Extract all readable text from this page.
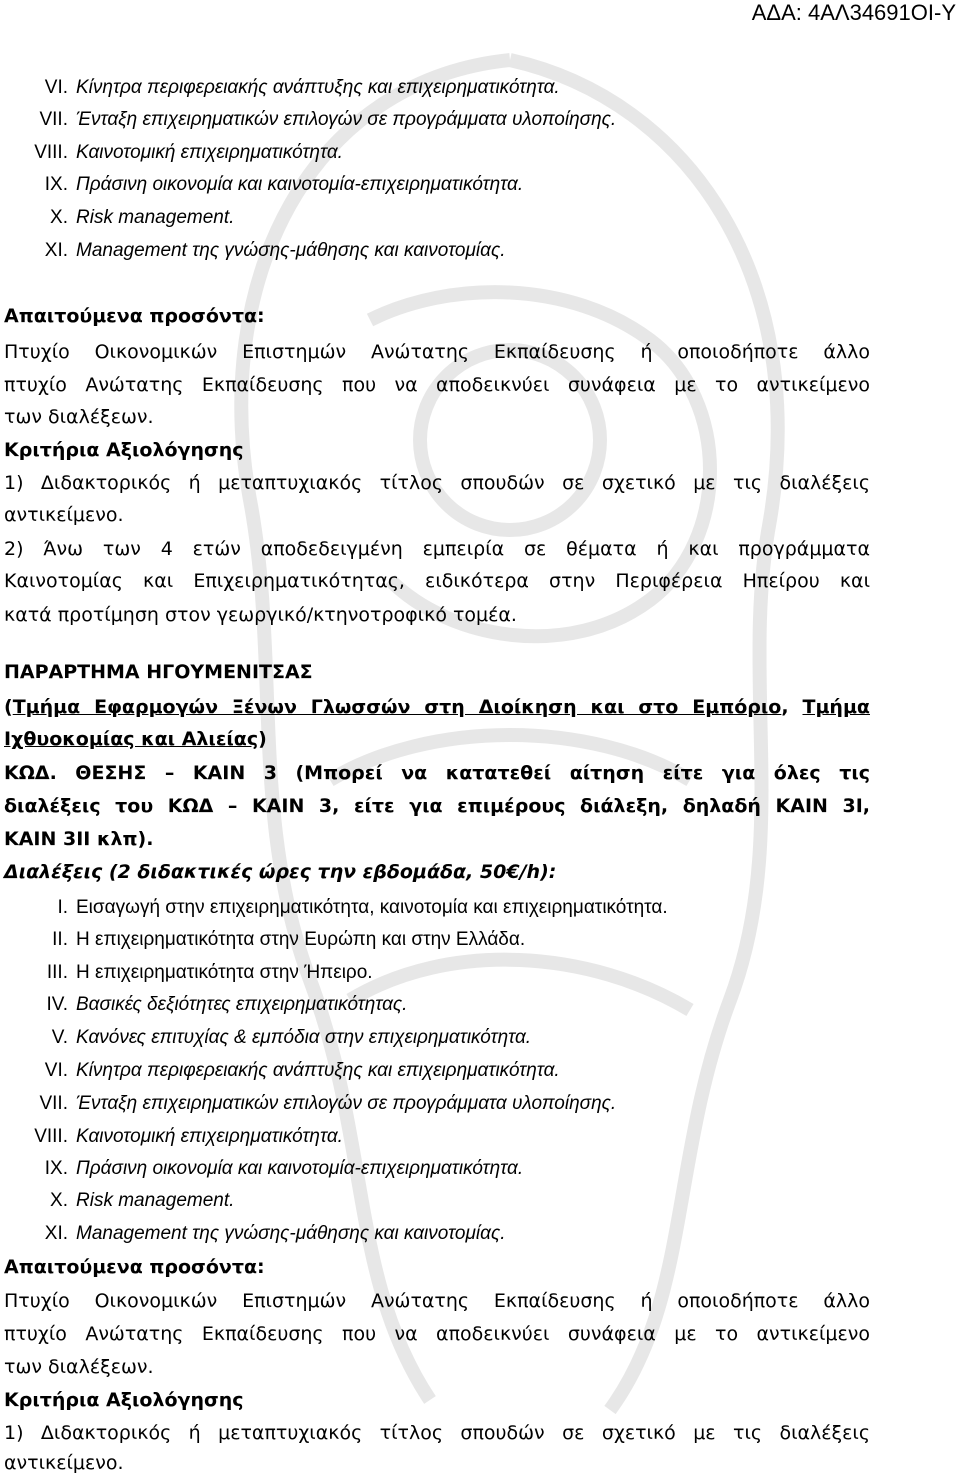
ΑΔΑ: 4ΑΛ34691ΟΙ-Υ
VI. Κίνητρα περιφερειακής ανάπτυξης και επιχειρηματικότητα.
VII. Ένταξη επιχειρηματικών επιλογών σε προγράμματα υλοποίησης.
VIII. Καινοτομική επιχειρηματικότητα.
IX. Πράσινη οικονομία και καινοτομία-επιχειρηματικότητα.
X. Risk management.
XI. Management της γνώσης-μάθησης και καινοτομίας.
Απαιτούμενα προσόντα:
Πτυχίο Οικονομικών Επιστημών Ανώτατης Εκπαίδευσης ή οποιοδήποτε άλλο
πτυχίο Ανώτατης Εκπαίδευσης που να αποδεικνύει συνάφεια με το αντικείμενο
των διαλέξεων.
Κριτήρια Αξιολόγησης
1) Διδακτορικός ή μεταπτυχιακός τίτλος σπουδών σε σχετικό με τις διαλέξεις
αντικείμενο.
2) Άνω των 4 ετών αποδεδειγμένη εμπειρία σε θέματα ή και προγράμματα
Καινοτομίας και Επιχειρηματικότητας, ειδικότερα στην Περιφέρεια Ηπείρου και
κατά προτίμηση στον γεωργικό/κτηνοτροφικό τομέα.
ΠΑΡΑΡΤΗΜΑ ΗΓΟΥΜΕΝΙΤΣΑΣ
(Τμήμα Εφαρμογών Ξένων Γλωσσών στη Διοίκηση και στο Εμπόριο, Τμήμα
Ιχθυοκομίας και Αλιείας)
ΚΩΔ. ΘΕΣΗΣ – ΚΑΙΝ 3 (Μπορεί να κατατεθεί αίτηση είτε για όλες τις
διαλέξεις του ΚΩΔ – ΚΑΙΝ 3, είτε για επιμέρους διάλεξη, δηλαδή ΚΑΙΝ 3Ι,
ΚΑΙΝ 3ΙΙ κλπ).
Διαλέξεις (2 διδακτικές ώρες την εβδομάδα, 50€/h):
I. Εισαγωγή στην επιχειρηματικότητα, καινοτομία και επιχειρηματικότητα.
II. Η επιχειρηματικότητα στην Ευρώπη και στην Ελλάδα.
III. Η επιχειρηματικότητα στην Ήπειρο.
IV. Βασικές δεξιότητες επιχειρηματικότητας.
V. Κανόνες επιτυχίας & εμπόδια στην επιχειρηματικότητα.
VI. Κίνητρα περιφερειακής ανάπτυξης και επιχειρηματικότητα.
VII. Ένταξη επιχειρηματικών επιλογών σε προγράμματα υλοποίησης.
VIII. Καινοτομική επιχειρηματικότητα.
IX. Πράσινη οικονομία και καινοτομία-επιχειρηματικότητα.
X. Risk management.
XI. Management της γνώσης-μάθησης και καινοτομίας.
Απαιτούμενα προσόντα:
Πτυχίο Οικονομικών Επιστημών Ανώτατης Εκπαίδευσης ή οποιοδήποτε άλλο
πτυχίο Ανώτατης Εκπαίδευσης που να αποδεικνύει συνάφεια με το αντικείμενο
των διαλέξεων.
Κριτήρια Αξιολόγησης
1) Διδακτορικός ή μεταπτυχιακός τίτλος σπουδών σε σχετικό με τις διαλέξεις
αντικείμενο.
